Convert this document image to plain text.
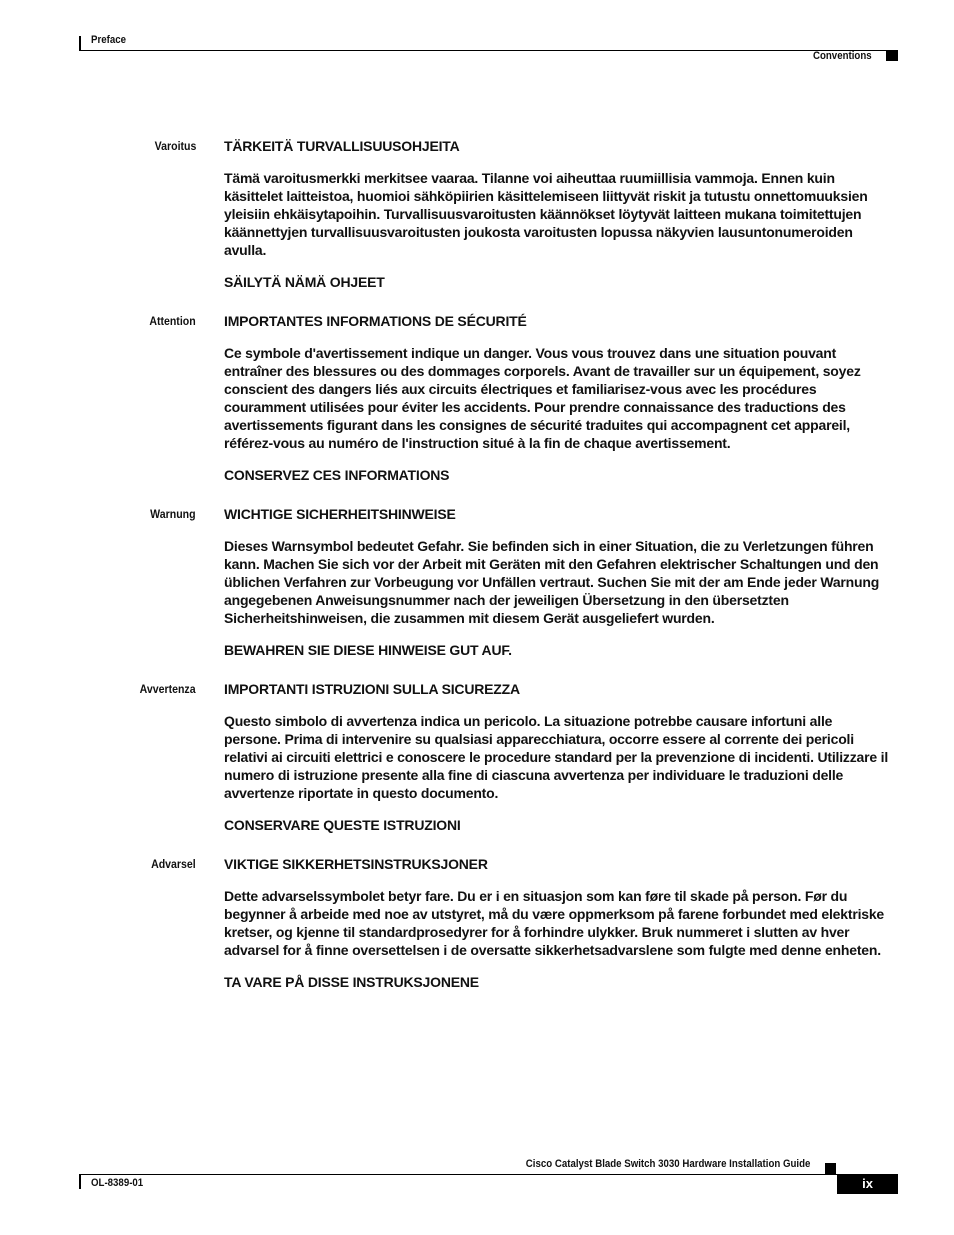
Preface
Conventions
Varoitus TÄRKEITÄ TURVALLISUUSOHJEITA

Tämä varoitusmerkki merkitsee vaaraa. Tilanne voi aiheuttaa ruumiillisia vammoja. Ennen kuin käsittelet laitteistoa, huomioi sähköpiirien käsittelemiseen liittyvät riskit ja tutustu onnettomuuksien yleisiin ehkäisytapoihin. Turvallisuusvaroitusten käännökset löytyvät laitteen mukana toimitettujen käännettyjen turvallisuusvaroitusten joukosta varoitusten lopussa näkyvien lausuntonumeroiden avulla.

SÄILYTÄ NÄMÄ OHJEET

Attention IMPORTANTES INFORMATIONS DE SÉCURITÉ

Ce symbole d'avertissement indique un danger. Vous vous trouvez dans une situation pouvant entraîner des blessures ou des dommages corporels. Avant de travailler sur un équipement, soyez conscient des dangers liés aux circuits électriques et familiarisez-vous avec les procédures couramment utilisées pour éviter les accidents. Pour prendre connaissance des traductions des avertissements figurant dans les consignes de sécurité traduites qui accompagnent cet appareil, référez-vous au numéro de l'instruction situé à la fin de chaque avertissement.

CONSERVEZ CES INFORMATIONS

Warnung WICHTIGE SICHERHEITSHINWEISE

Dieses Warnsymbol bedeutet Gefahr. Sie befinden sich in einer Situation, die zu Verletzungen führen kann. Machen Sie sich vor der Arbeit mit Geräten mit den Gefahren elektrischer Schaltungen und den üblichen Verfahren zur Vorbeugung vor Unfällen vertraut. Suchen Sie mit der am Ende jeder Warnung angegebenen Anweisungsnummer nach der jeweiligen Übersetzung in den übersetzten Sicherheitshinweisen, die zusammen mit diesem Gerät ausgeliefert wurden.

BEWAHREN SIE DIESE HINWEISE GUT AUF.

Avvertenza IMPORTANTI ISTRUZIONI SULLA SICUREZZA

Questo simbolo di avvertenza indica un pericolo. La situazione potrebbe causare infortuni alle persone. Prima di intervenire su qualsiasi apparecchiatura, occorre essere al corrente dei pericoli relativi ai circuiti elettrici e conoscere le procedure standard per la prevenzione di incidenti. Utilizzare il numero di istruzione presente alla fine di ciascuna avvertenza per individuare le traduzioni delle avvertenze riportate in questo documento.

CONSERVARE QUESTE ISTRUZIONI

Advarsel VIKTIGE SIKKERHETSINSTRUKSJONER

Dette advarselssymbolet betyr fare. Du er i en situasjon som kan føre til skade på person. Før du begynner å arbeide med noe av utstyret, må du være oppmerksom på farene forbundet med elektriske kretser, og kjenne til standardprosedyrer for å forhindre ulykker. Bruk nummeret i slutten av hver advarsel for å finne oversettelsen i de oversatte sikkerhetsadvarslene som fulgte med denne enheten.

TA VARE PÅ DISSE INSTRUKSJONENE

Cisco Catalyst Blade Switch 3030 Hardware Installation Guide
OL-8389-01	ix
